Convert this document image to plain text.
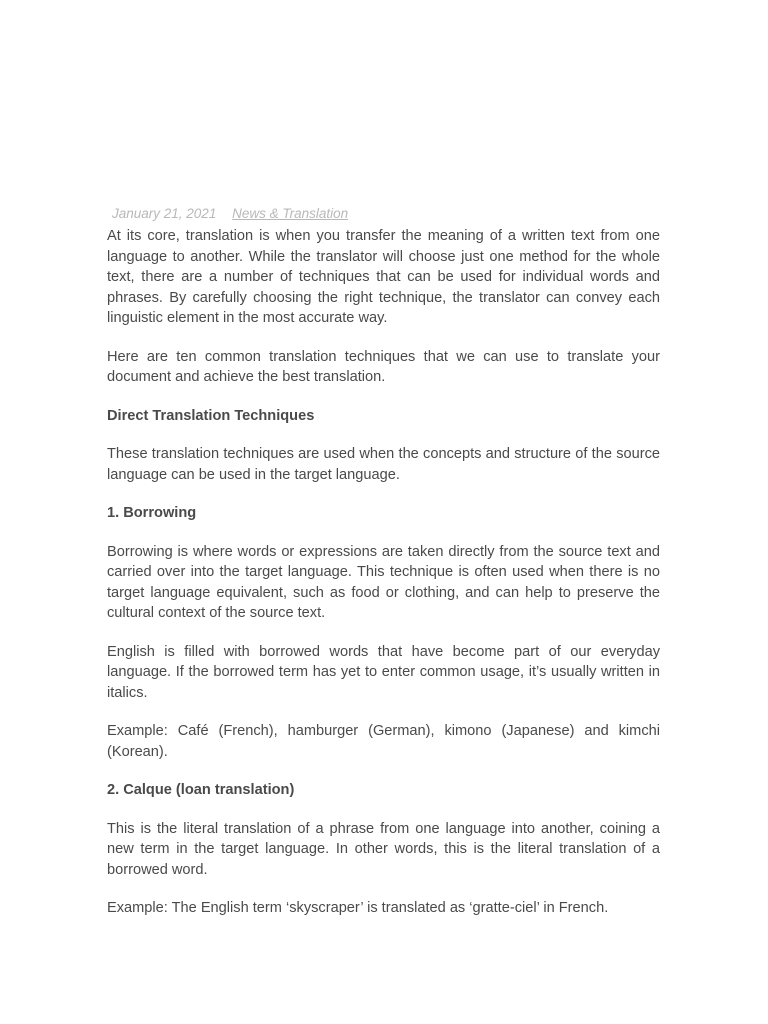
January 21, 2021 News & Translation

At its core, translation is when you transfer the meaning of a written text from one language to another. While the translator will choose just one method for the whole text, there are a number of techniques that can be used for individual words and phrases. By carefully choosing the right technique, the translator can convey each linguistic element in the most accurate way.

Here are ten common translation techniques that we can use to translate your document and achieve the best translation.

Direct Translation Techniques

These translation techniques are used when the concepts and structure of the source language can be used in the target language.

1. Borrowing

Borrowing is where words or expressions are taken directly from the source text and carried over into the target language. This technique is often used when there is no target language equivalent, such as food or clothing, and can help to preserve the cultural context of the source text.

English is filled with borrowed words that have become part of our everyday language. If the borrowed term has yet to enter common usage, it’s usually written in italics.

Example: Café (French), hamburger (German), kimono (Japanese) and kimchi (Korean).

2. Calque (loan translation)

This is the literal translation of a phrase from one language into another, coining a new term in the target language. In other words, this is the literal translation of a borrowed word.

Example: The English term ‘skyscraper’ is translated as ‘gratte-ciel’ in French.
